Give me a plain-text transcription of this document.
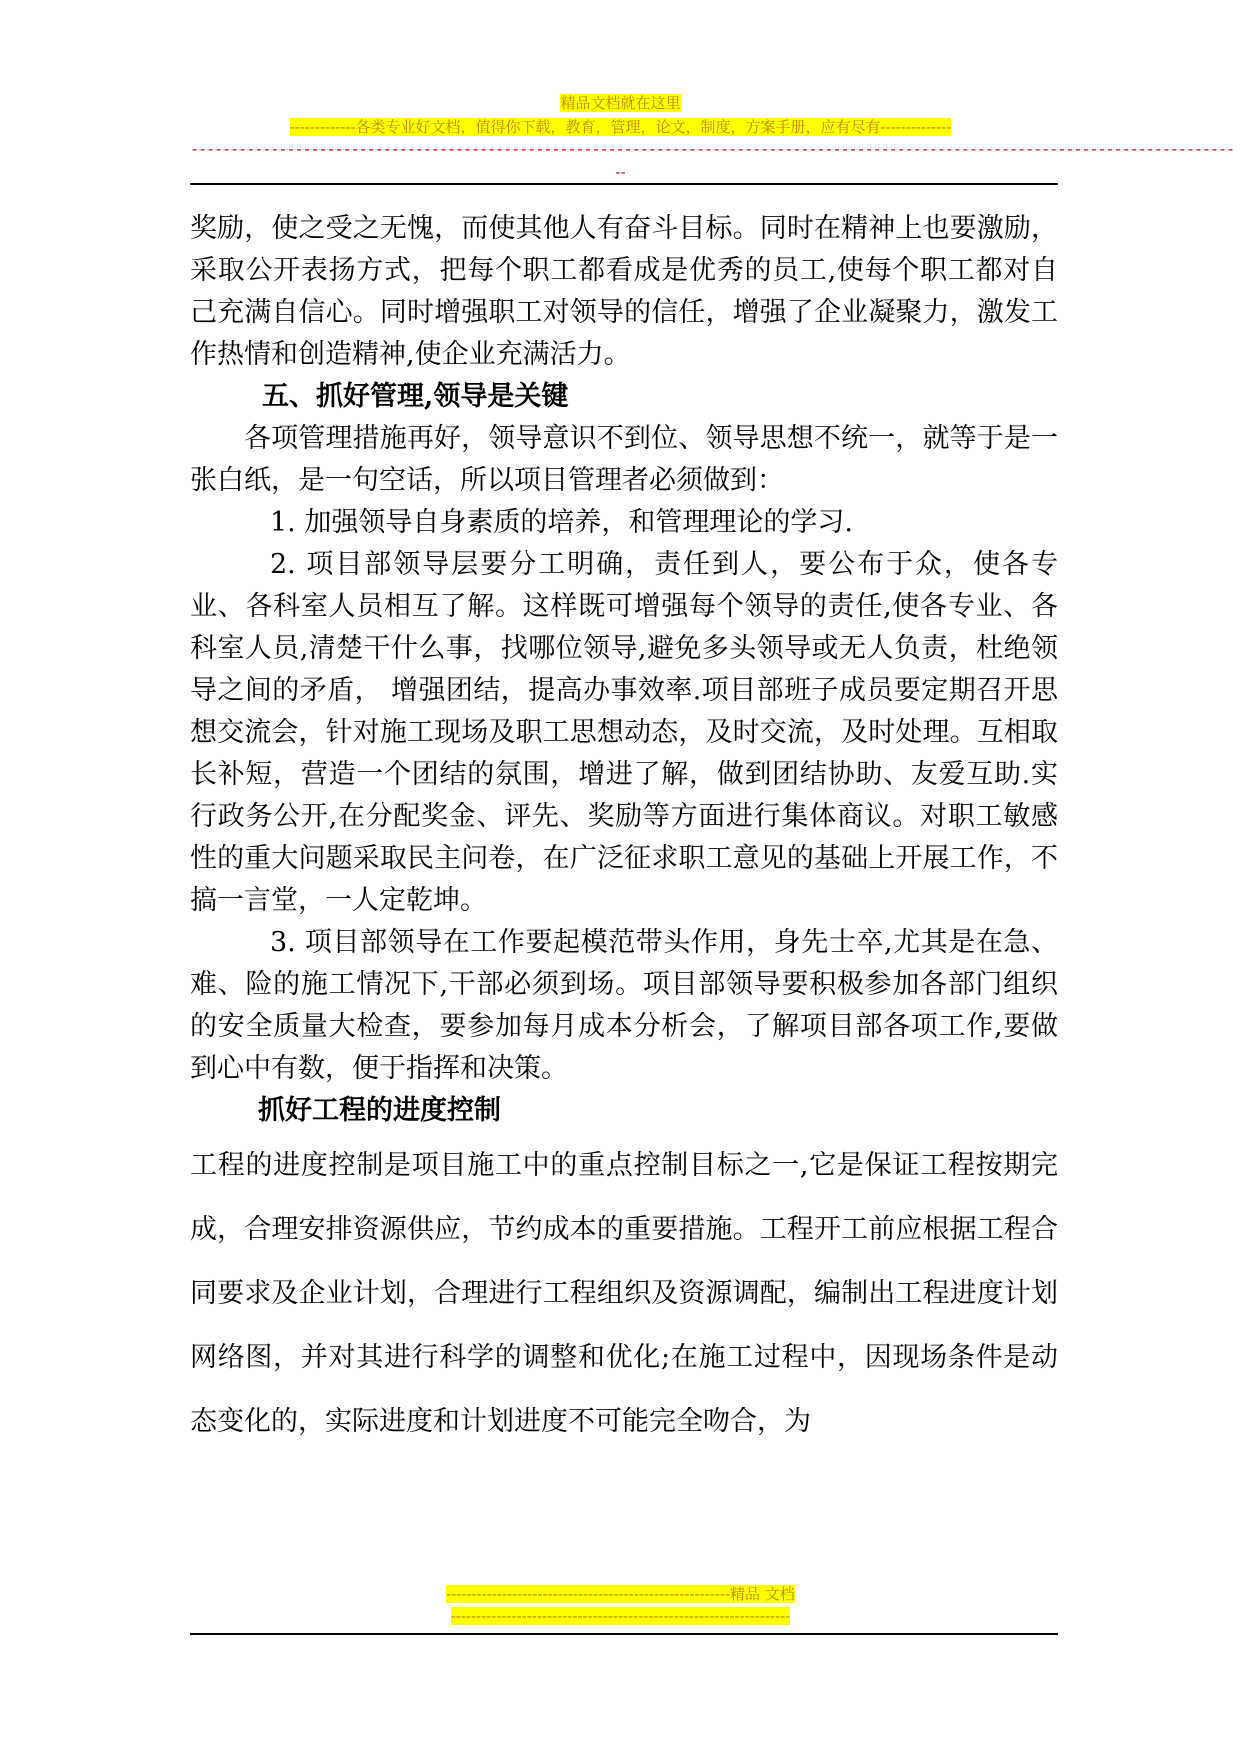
精品文档就在这里
-------------各类专业好文档，值得你下载，教育，管理，论文，制度，方案手册，应有尽有--------------
----------------------------------------------------------------------------------------------------------------------------------
--

奖励，使之受之无愧，而使其他人有奋斗目标。同时在精神上也要激励，采取公开表扬方式，把每个职工都看成是优秀的员工,使每个职工都对自己充满自信心。同时增强职工对领导的信任，增强了企业凝聚力，激发工作热情和创造精神,使企业充满活力。

五、抓好管理,领导是关键

各项管理措施再好，领导意识不到位、领导思想不统一，就等于是一张白纸，是一句空话，所以项目管理者必须做到：

1. 加强领导自身素质的培养，和管理理论的学习.

2. 项目部领导层要分工明确，责任到人，要公布于众，使各专业、各科室人员相互了解。这样既可增强每个领导的责任,使各专业、各科室人员,清楚干什么事，找哪位领导,避免多头领导或无人负责，杜绝领导之间的矛盾， 增强团结，提高办事效率.项目部班子成员要定期召开思想交流会，针对施工现场及职工思想动态，及时交流，及时处理。互相取长补短，营造一个团结的氛围，增进了解，做到团结协助、友爱互助.实行政务公开,在分配奖金、评先、奖励等方面进行集体商议。对职工敏感性的重大问题采取民主问卷，在广泛征求职工意见的基础上开展工作，不搞一言堂，一人定乾坤。

3. 项目部领导在工作要起模范带头作用，身先士卒,尤其是在急、难、险的施工情况下,干部必须到场。项目部领导要积极参加各部门组织的安全质量大检查，要参加每月成本分析会，了解项目部各项工作,要做到心中有数，便于指挥和决策。

抓好工程的进度控制

工程的进度控制是项目施工中的重点控制目标之一,它是保证工程按期完成，合理安排资源供应，节约成本的重要措施。工程开工前应根据工程合同要求及企业计划，合理进行工程组织及资源调配，编制出工程进度计划网络图，并对其进行科学的调整和优化;在施工过程中，因现场条件是动态变化的，实际进度和计划进度不可能完全吻合，为

--------------------------------------------------------精品 文档
-------------------------------------------------------------------
